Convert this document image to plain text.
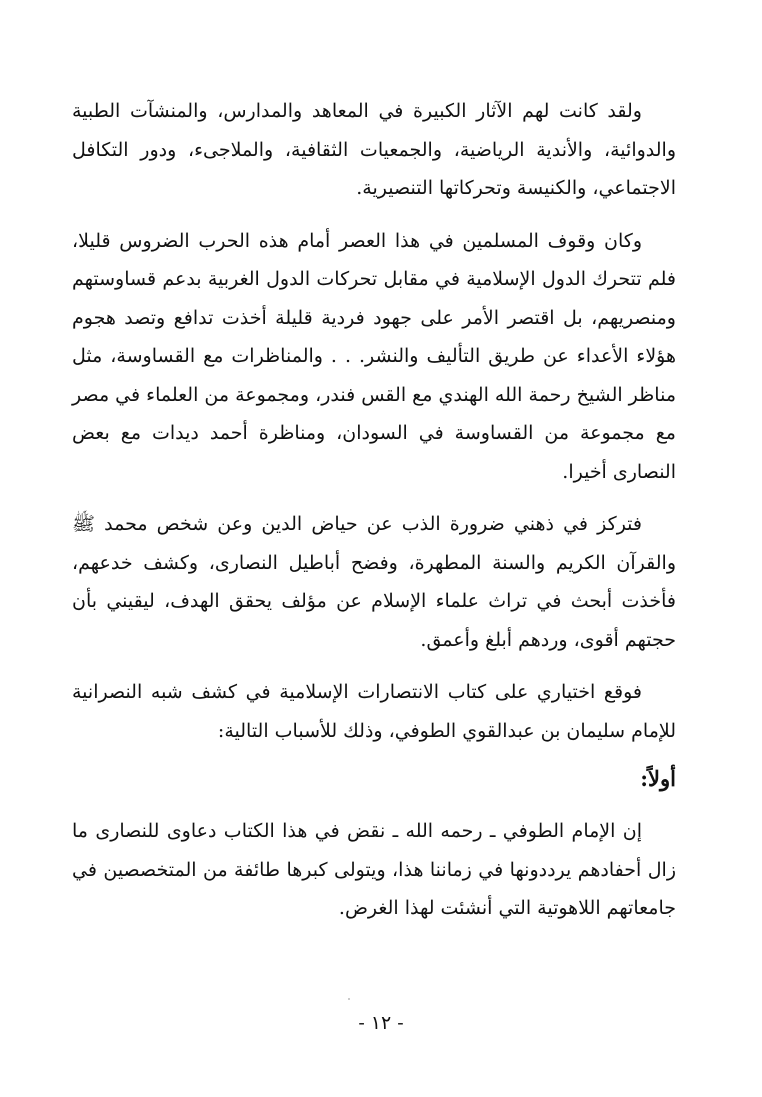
ولقد كانت لهم الآثار الكبيرة في المعاهد والمدارس، والمنشآت الطبية والدوائية، والأندية الرياضية، والجمعيات الثقافية، والملاجىء، ودور التكافل الاجتماعي، والكنيسة وتحركاتها التنصيرية.

وكان وقوف المسلمين في هذا العصر أمام هذه الحرب الضروس قليلا، فلم تتحرك الدول الإسلامية في مقابل تحركات الدول الغربية بدعم قساوستهم ومنصريهم، بل اقتصر الأمر على جهود فردية قليلة أخذت تدافع وتصد هجوم هؤلاء الأعداء عن طريق التأليف والنشر. . . والمناظرات مع القساوسة، مثل مناظر الشيخ رحمة الله الهندي مع القس فندر، ومجموعة من العلماء في مصر مع مجموعة من القساوسة في السودان، ومناظرة أحمد ديدات مع بعض النصارى أخيرا.

فتركز في ذهني ضرورة الذب عن حياض الدين وعن شخص محمد ﷺ والقرآن الكريم والسنة المطهرة، وفضح أباطيل النصارى، وكشف خدعهم، فأخذت أبحث في تراث علماء الإسلام عن مؤلف يحقق الهدف، ليقيني بأن حجتهم أقوى، وردهم أبلغ وأعمق.

فوقع اختياري على كتاب الانتصارات الإسلامية في كشف شبه النصرانية للإمام سليمان بن عبدالقوي الطوفي، وذلك للأسباب التالية:

أولاً:

إن الإمام الطوفي ـ رحمه الله ـ نقض في هذا الكتاب دعاوى للنصارى ما زال أحفادهم يرددونها في زماننا هذا، ويتولى كبرها طائفة من المتخصصين في جامعاتهم اللاهوتية التي أنشئت لهذا الغرض.

- ١٢ -
